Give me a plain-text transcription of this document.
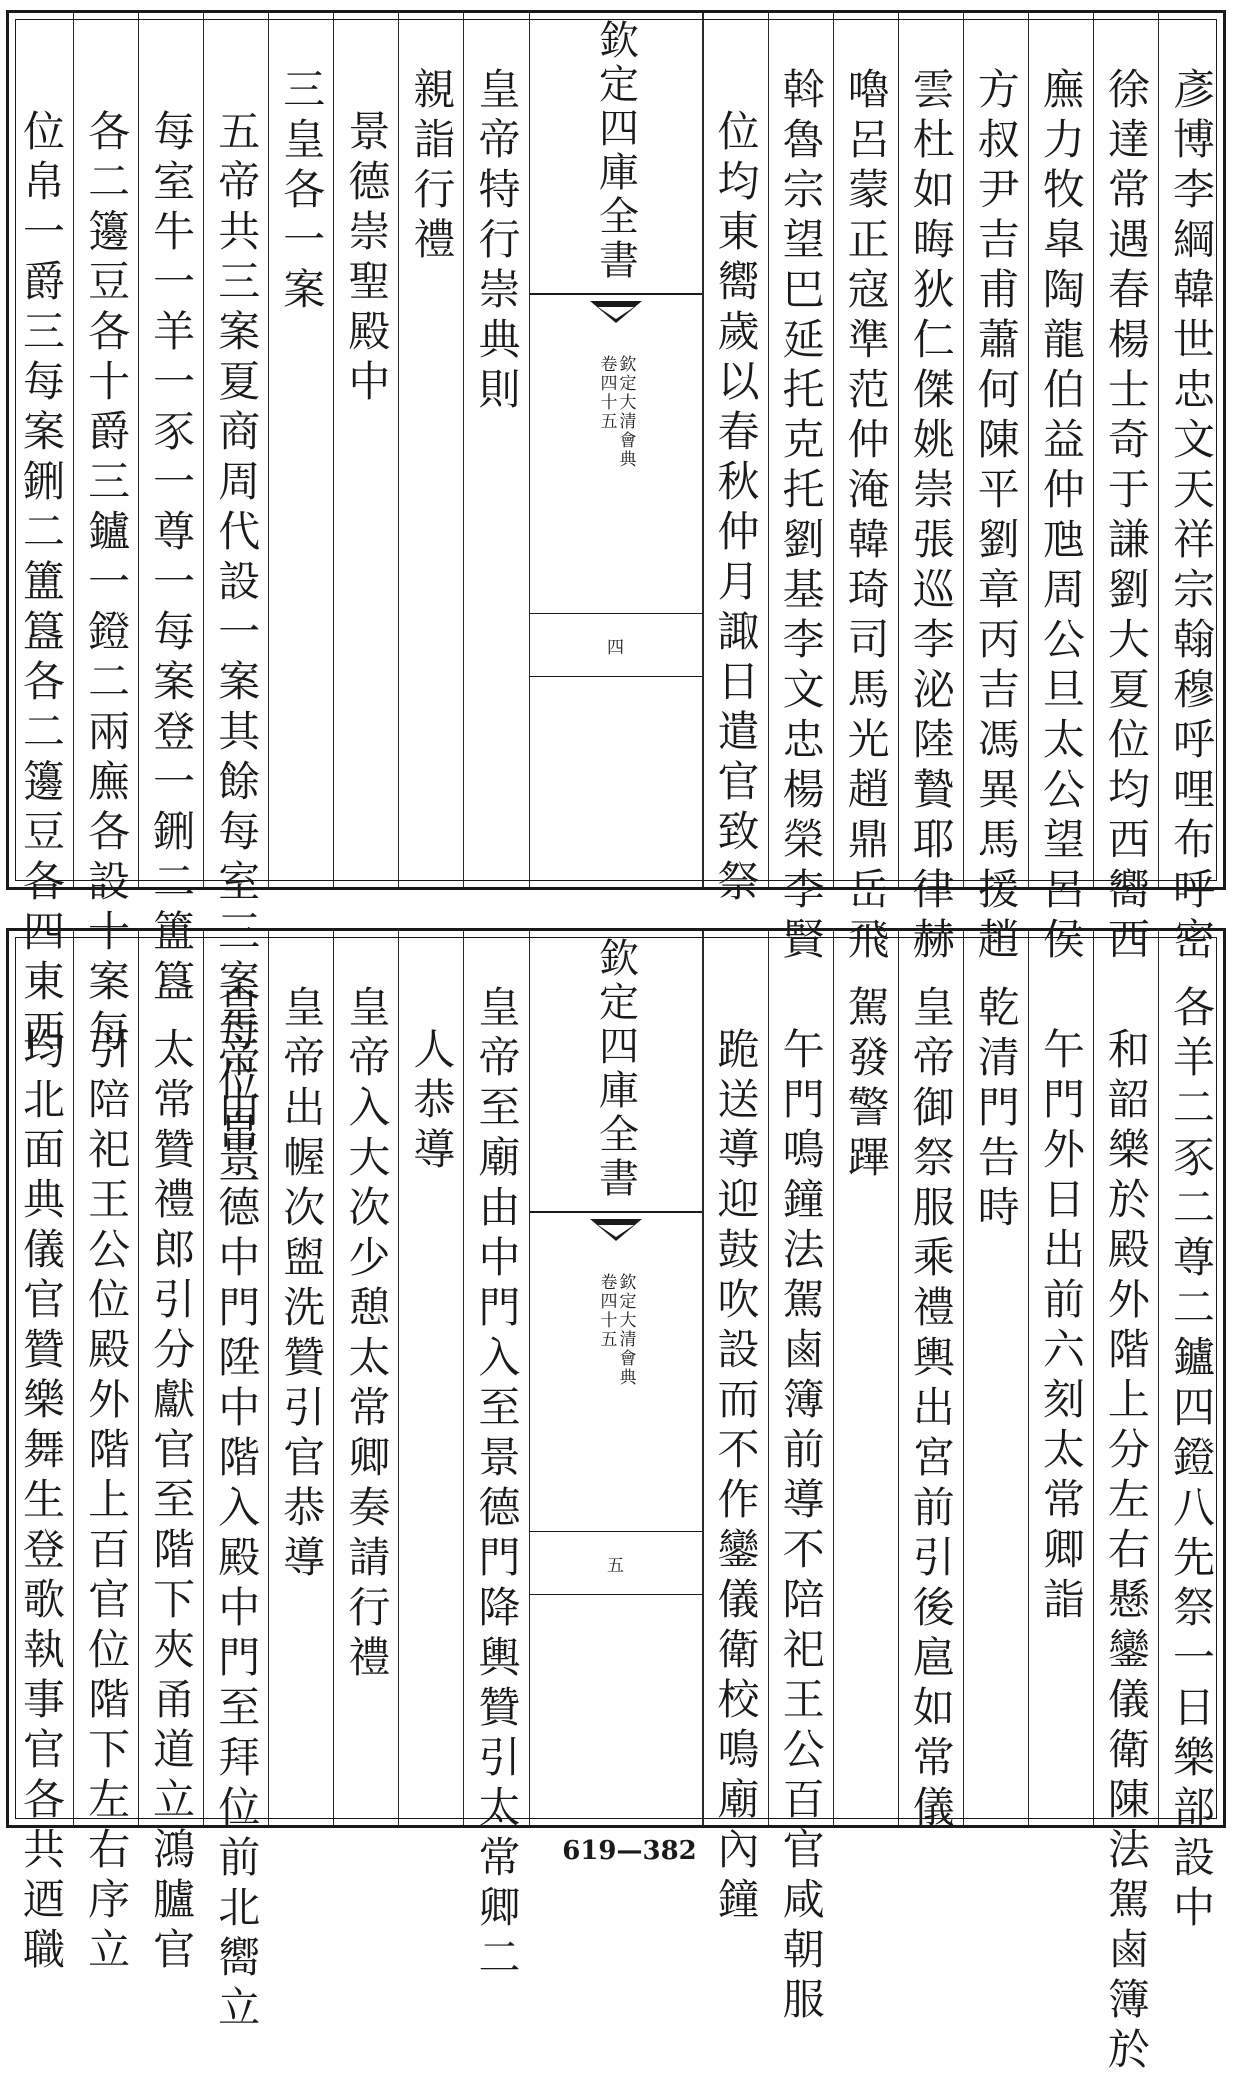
彥博李綱韓世忠文天祥宗翰穆呼哩布呼密
徐達常遇春楊士奇于謙劉大夏位均西嚮西
廡力牧皐陶龍伯益仲虺周公旦太公望呂侯
方叔尹吉甫蕭何陳平劉章丙吉馮異馬援趙
雲杜如晦狄仁傑姚崇張巡李泌陸贄耶律赫
嚕呂蒙正寇準范仲淹韓琦司馬光趙鼎岳飛
斡魯宗望巴延托克托劉基李文忠楊榮李賢
位均東嚮歲以春秋仲月諏日遣官致祭
欽定四庫全書
欽定大清會典
卷四十五
四
皇帝特行崇典則
親詣行禮
景德崇聖殿中
三皇各一案
五帝共三案夏商周代設一案其餘每室三案每位帛一
每室牛一羊一豕一尊一每案登一鉶二簠簋
各二籩豆各十爵三鑪一鐙二兩廡各設十案每
位帛一爵三每案鉶二簠簋各二籩豆各四東西
各羊二豕二尊二鑪四鐙八先祭一日樂部設中
和韶樂於殿外階上分左右懸鑾儀衛陳法駕鹵簿於
午門外日出前六刻太常卿詣
乾清門告時
皇帝御祭服乘禮輿出宮前引後扈如常儀
駕發警蹕
午門鳴鐘法駕鹵簿前導不陪祀王公百官咸朝服
跪送導迎鼓吹設而不作鑾儀衛校鳴廟內鐘
欽定四庫全書
欽定大清會典
卷四十五
五
皇帝至廟由中門入至景德門降輿贊引太常卿二
人恭導
皇帝入大次少憩太常卿奏請行禮
皇帝出幄次盥洗贊引官恭導
皇帝由景德中門陞中階入殿中門至拜位前北嚮立
太常贊禮郎引分獻官至階下夾甬道立鴻臚官
引陪祀王公位殿外階上百官位階下左右序立
均北面典儀官贊樂舞生登歌執事官各共迺職	619—382
